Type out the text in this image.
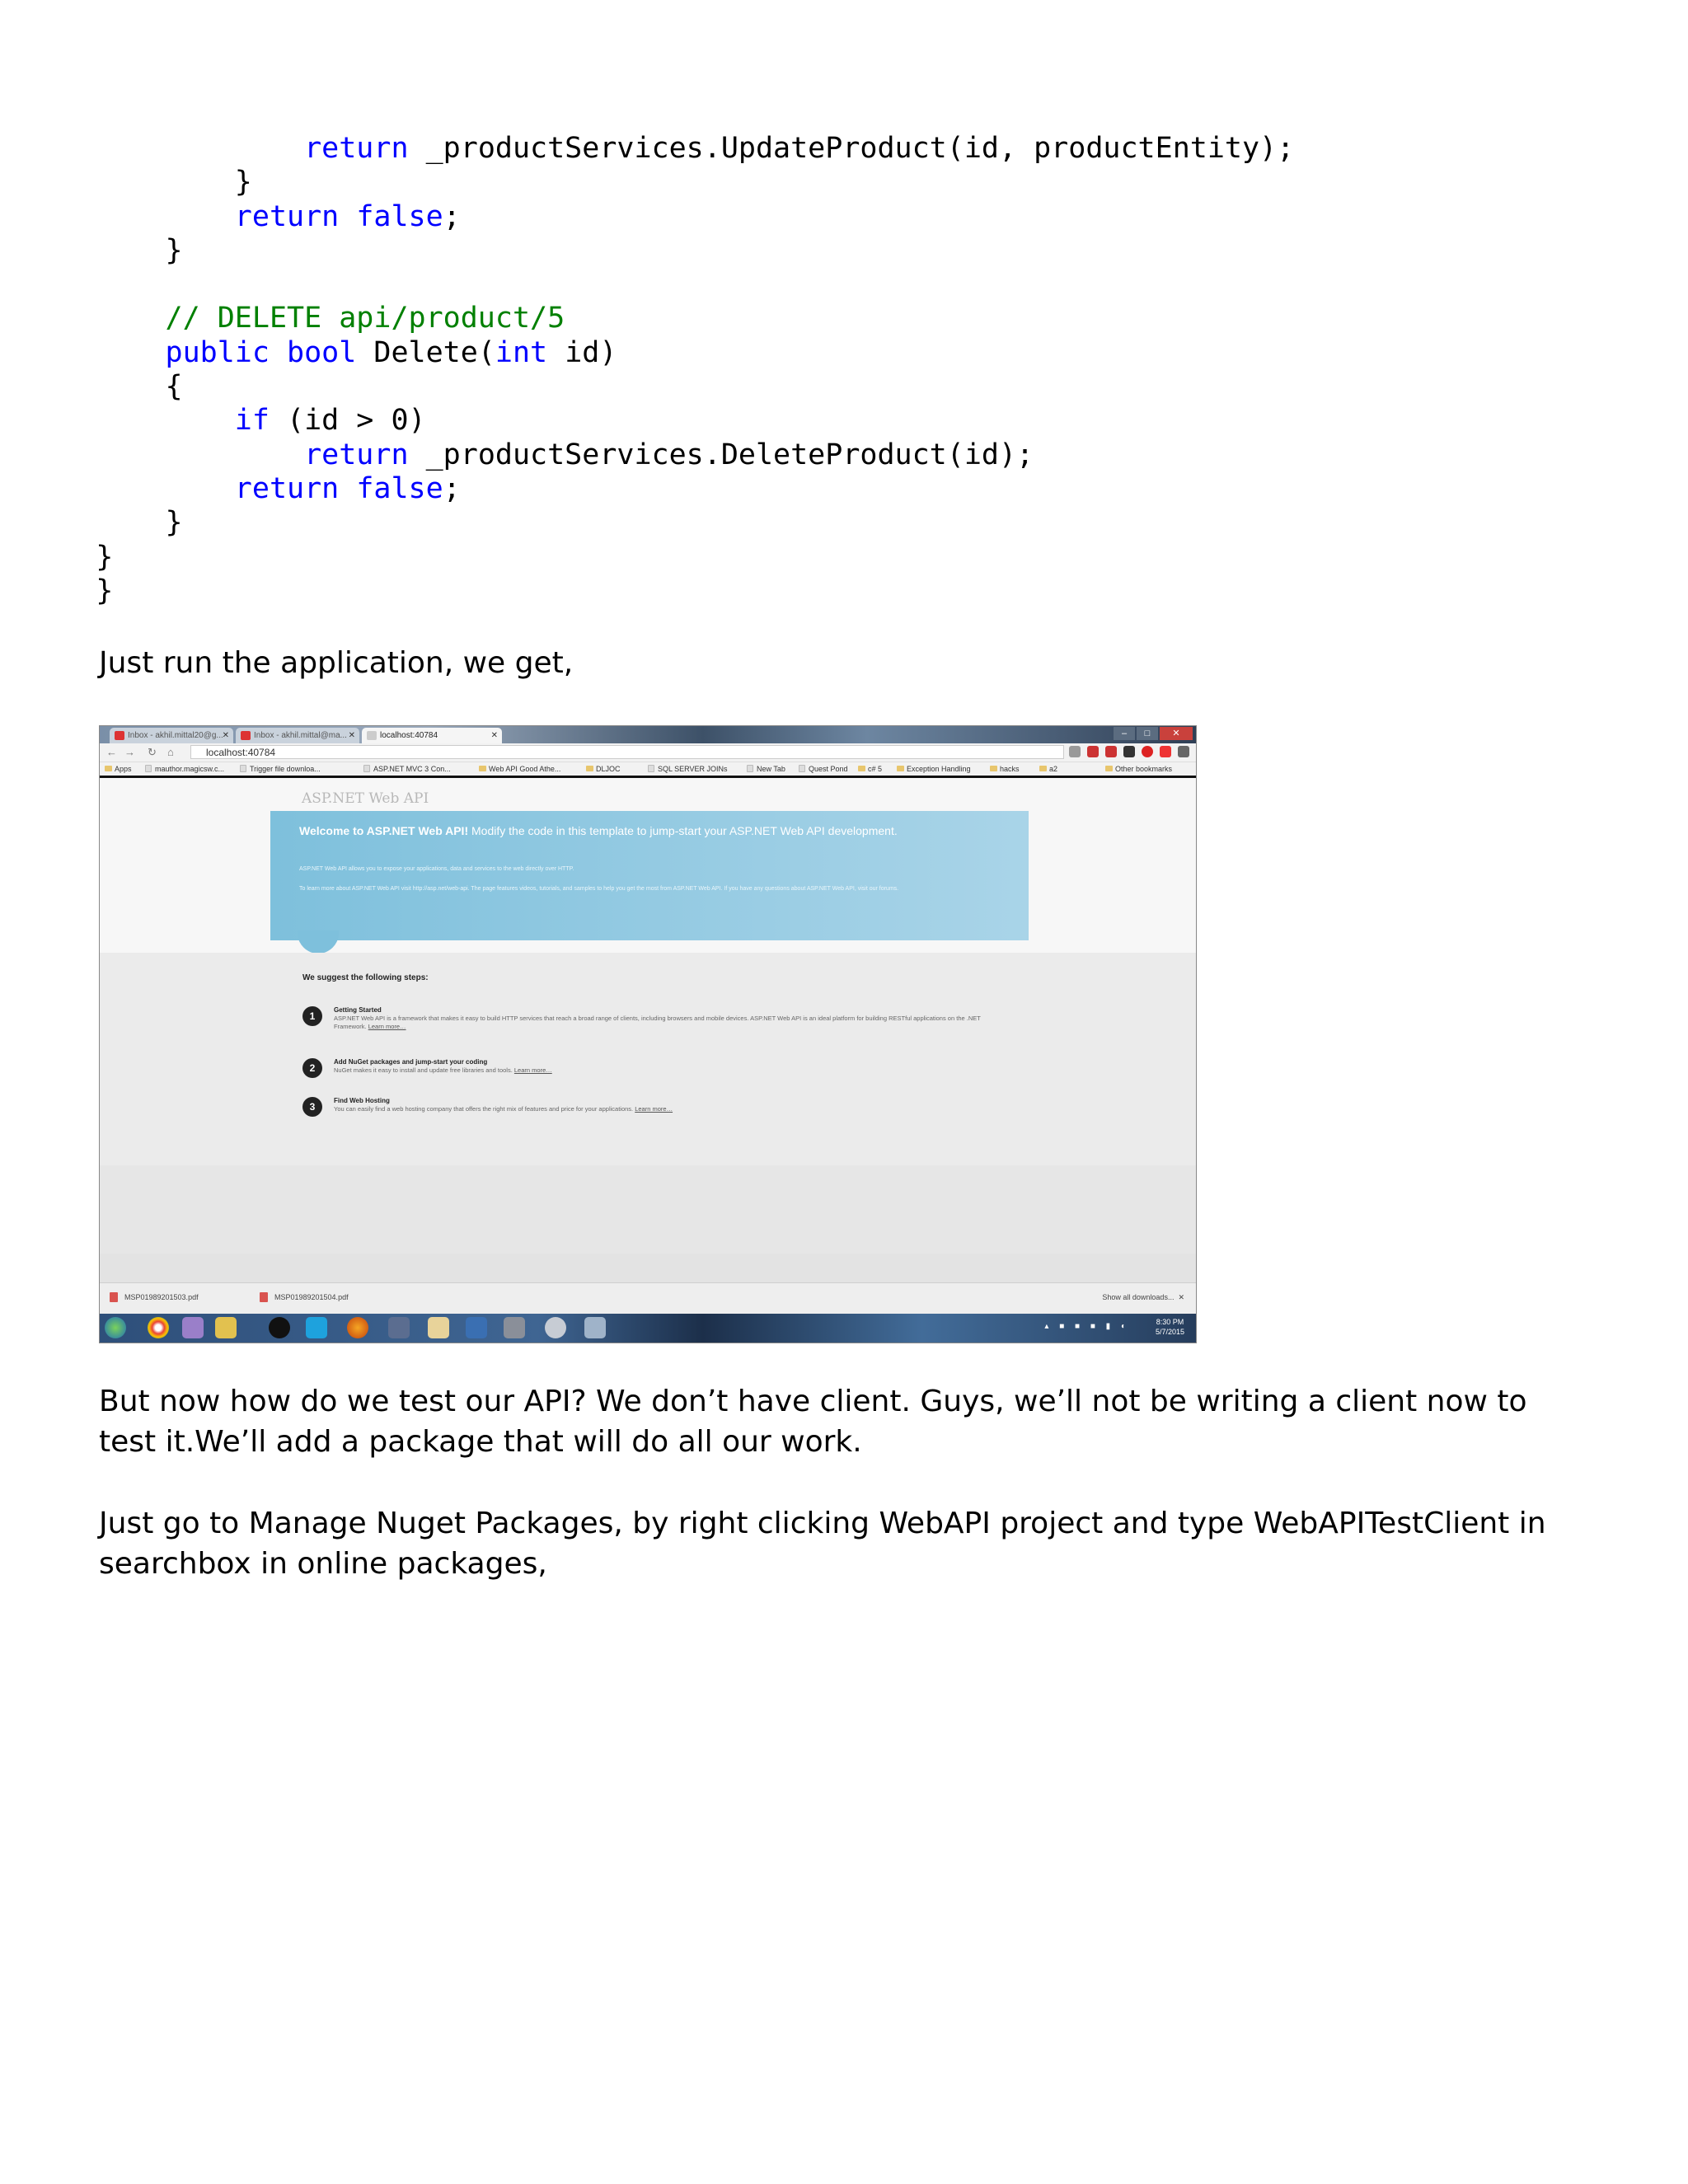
return _productServices.UpdateProduct(id, productEntity);
}
return false;
}

// DELETE api/product/5
public bool Delete(int id)
{
if (id > 0)
return _productServices.DeleteProduct(id);
return false;
}
}
}
Just run the application, we get,
Inbox - akhil.mittal20@g...
✕	Inbox - akhil.mittal@ma... ✕	localhost:40784	✕	–	□	✕
← → ↻ ⌂	localhost:40784
Apps	mauthor.magicsw.c...	Trigger file downloa...	ASP.NET MVC 3 Con...	Web API Good Athe...	DLJOC	SQL SERVER JOINs	New Tab	Quest Pond	c# 5	Exception Handling	hacks	a2	Other bookmarks
ASP.NET Web API
Welcome to ASP.NET Web API! Modify the code in this template to jump-start your ASP.NET Web API development.
ASP.NET Web API allows you to expose your applications, data and services to the web directly over HTTP.
To learn more about ASP.NET Web API visit http://asp.net/web-api. The page features videos, tutorials, and samples to help you get the most from ASP.NET Web API. If you have any questions about ASP.NET Web API, visit our forums.
We suggest the following steps:
1
Getting Started
ASP.NET Web API is a framework that makes it easy to build HTTP services that reach a broad range of clients, including browsers and mobile devices. ASP.NET Web API is an ideal platform for building RESTful applications on the .NET Framework. Learn more…
2
Add NuGet packages and jump-start your coding
NuGet makes it easy to install and update free libraries and tools. Learn more…
3
Find Web Hosting
You can easily find a web hosting company that offers the right mix of features and price for your applications. Learn more…
MSP01989201503.pdf	MSP01989201504.pdf	Show all downloads...  ✕
▴ ■ ■ ■ ▮ ◐	8:30 PM
5/7/2015
But now how do we test our API? We don’t have client. Guys, we’ll not be writing a client now to test it.We’ll add a package that will do all our work.
Just go to Manage Nuget Packages, by right clicking WebAPI project and type WebAPITestClient in searchbox in online packages,
